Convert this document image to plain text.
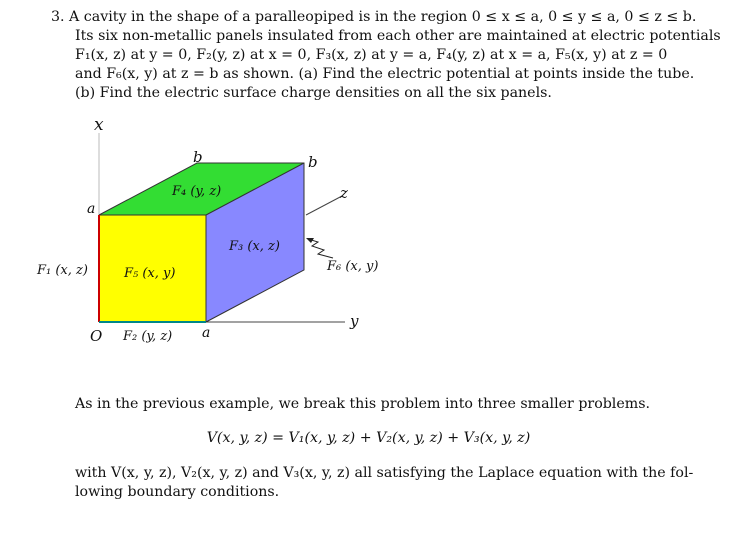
3. A cavity in the shape of a paralleopiped is in the region 0 ≤ x ≤ a, 0 ≤ y ≤ a, 0 ≤ z ≤ b.
Its six non-metallic panels insulated from each other are maintained at electric potentials
F₁(x, z) at y = 0, F₂(y, z) at x = 0, F₃(x, z) at y = a, F₄(y, z) at x = a, F₅(x, y) at z = 0
and F₆(x, y) at z = b as shown. (a) Find the electric potential at points inside the tube.
(b) Find the electric surface charge densities on all the six panels.
x
y
z
b	b
a
a
O
F₁ (x, z)
F₂ (y, z)
F₃ (x, z)
F₄ (y, z)
F₅ (x, y)	F₆ (x, y)
As in the previous example, we break this problem into three smaller problems.
V(x, y, z) = V₁(x, y, z) + V₂(x, y, z) + V₃(x, y, z)
with V(x, y, z), V₂(x, y, z) and V₃(x, y, z) all satisfying the Laplace equation with the fol-
lowing boundary conditions.
